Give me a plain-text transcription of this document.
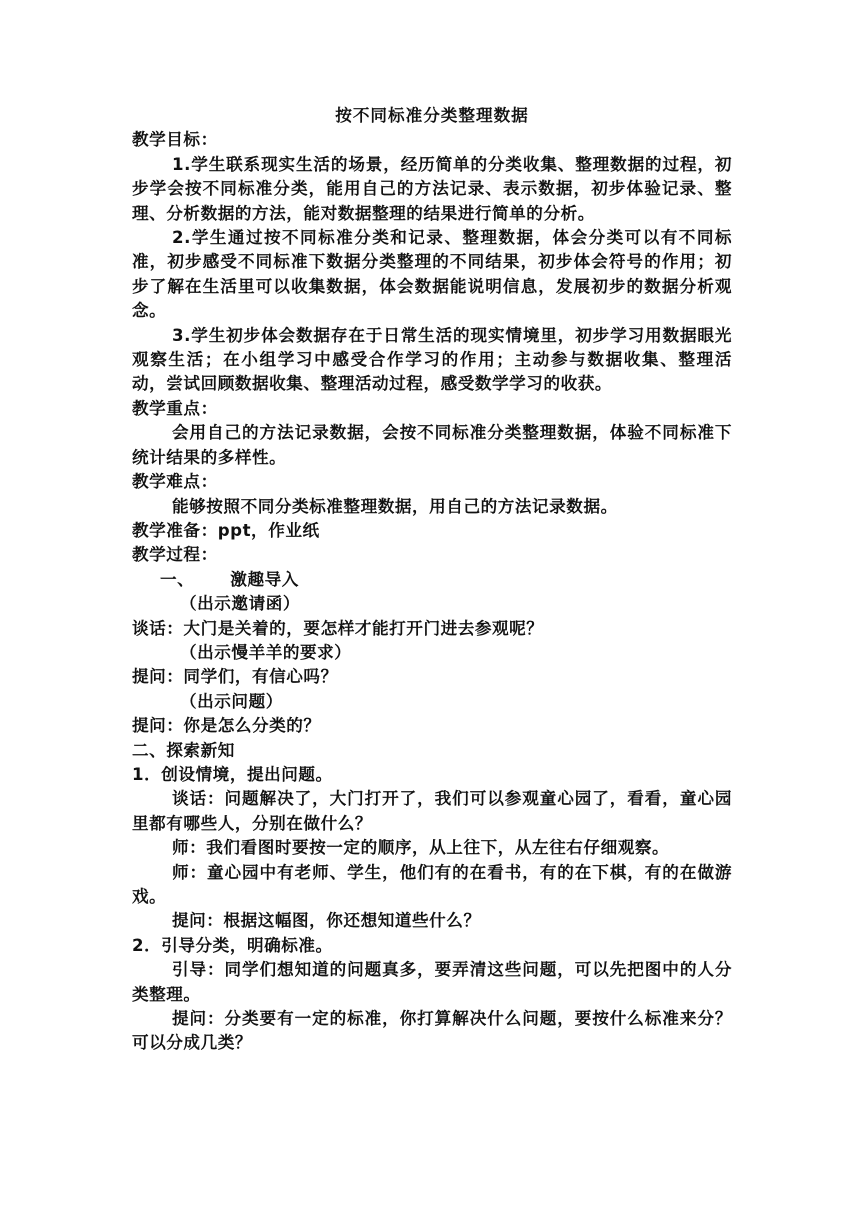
按不同标准分类整理数据

教学目标：

1.学生联系现实生活的场景，经历简单的分类收集、整理数据的过程，初步学会按不同标准分类，能用自己的方法记录、表示数据，初步体验记录、整理、分析数据的方法，能对数据整理的结果进行简单的分析。

2.学生通过按不同标准分类和记录、整理数据，体会分类可以有不同标准，初步感受不同标准下数据分类整理的不同结果，初步体会符号的作用；初步了解在生活里可以收集数据，体会数据能说明信息，发展初步的数据分析观念。

3.学生初步体会数据存在于日常生活的现实情境里，初步学习用数据眼光观察生活；在小组学习中感受合作学习的作用；主动参与数据收集、整理活动，尝试回顾数据收集、整理活动过程，感受数学学习的收获。

教学重点：

会用自己的方法记录数据，会按不同标准分类整理数据，体验不同标准下统计结果的多样性。

教学难点：

能够按照不同分类标准整理数据，用自己的方法记录数据。

教学准备：ppt，作业纸

教学过程：

一、 激趣导入

（出示邀请函）

谈话：大门是关着的，要怎样才能打开门进去参观呢？

（出示慢羊羊的要求）

提问：同学们，有信心吗？

（出示问题）

提问：你是怎么分类的？

二、探索新知

1．创设情境，提出问题。

谈话：问题解决了，大门打开了，我们可以参观童心园了，看看，童心园里都有哪些人，分别在做什么？

师：我们看图时要按一定的顺序，从上往下，从左往右仔细观察。

师：童心园中有老师、学生，他们有的在看书，有的在下棋，有的在做游戏。

提问：根据这幅图，你还想知道些什么？

2．引导分类，明确标准。

引导：同学们想知道的问题真多，要弄清这些问题，可以先把图中的人分类整理。

提问：分类要有一定的标准，你打算解决什么问题，要按什么标准来分？可以分成几类？
